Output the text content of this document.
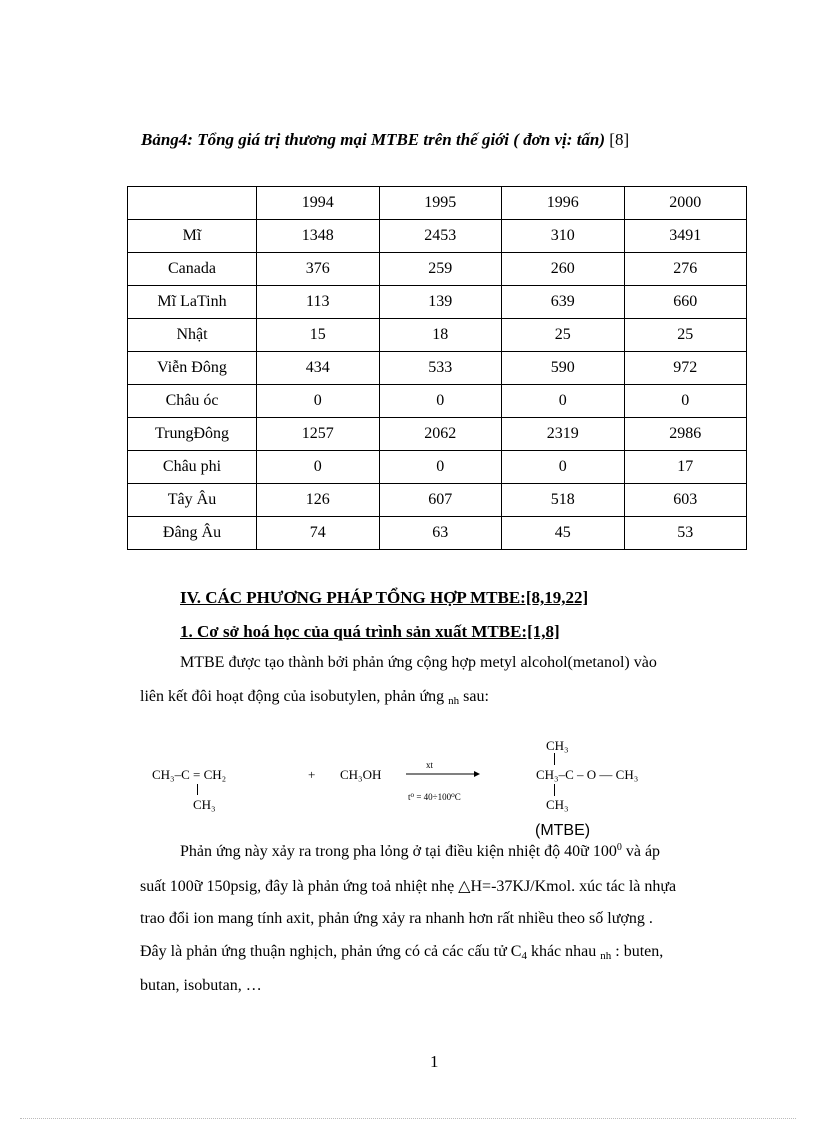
Bảng4: Tổng giá trị thương mại MTBE trên thế giới ( đơn vị: tấn) [8]
	1994	1995	1996	2000
Mĩ	1348	2453	310	3491
Canada	376	259	260	276
Mĩ LaTinh	113	139	639	660
Nhật	15	18	25	25
Viễn Đông	434	533	590	972
Châu óc	0	0	0	0
TrungĐông	1257	2062	2319	2986
Châu phi	0	0	0	17
Tây Âu	126	607	518	603
Đâng Âu	74	63	45	53
IV. CÁC PHƯƠNG PHÁP TỔNG HỢP MTBE:[8,19,22]
1. Cơ sở hoá học của quá trình sản xuất MTBE:[1,8]
MTBE được tạo thành bởi phản ứng cộng hợp metyl alcohol(metanol) vào
liên kết đôi hoạt động của isobutylen, phản ứng $_{nh}$ sau:
CH₃–C = CH₂
CH₃
+ CH₃OH
xt
t⁰ = 40÷100⁰C
CH₃
CH₃–C – O — CH₃
CH₃
(MTBE)
Phản ứng này xảy ra trong pha lỏng ở tại điều kiện nhiệt độ 40ữ $100^0$ và áp
suất 100ữ 150psig, đây là phản ứng toả nhiệt nhẹ △H=-37KJ/Kmol. xúc tác là nhựa
trao đổi ion mang tính axit, phản ứng xảy ra nhanh hơn rất nhiều theo số lượng .
Đây là phản ứng thuận nghịch, phản ứng có cả các cấu tử $C_4$ khác nhau $_{nh}$ : buten,
butan, isobutan, …
1
